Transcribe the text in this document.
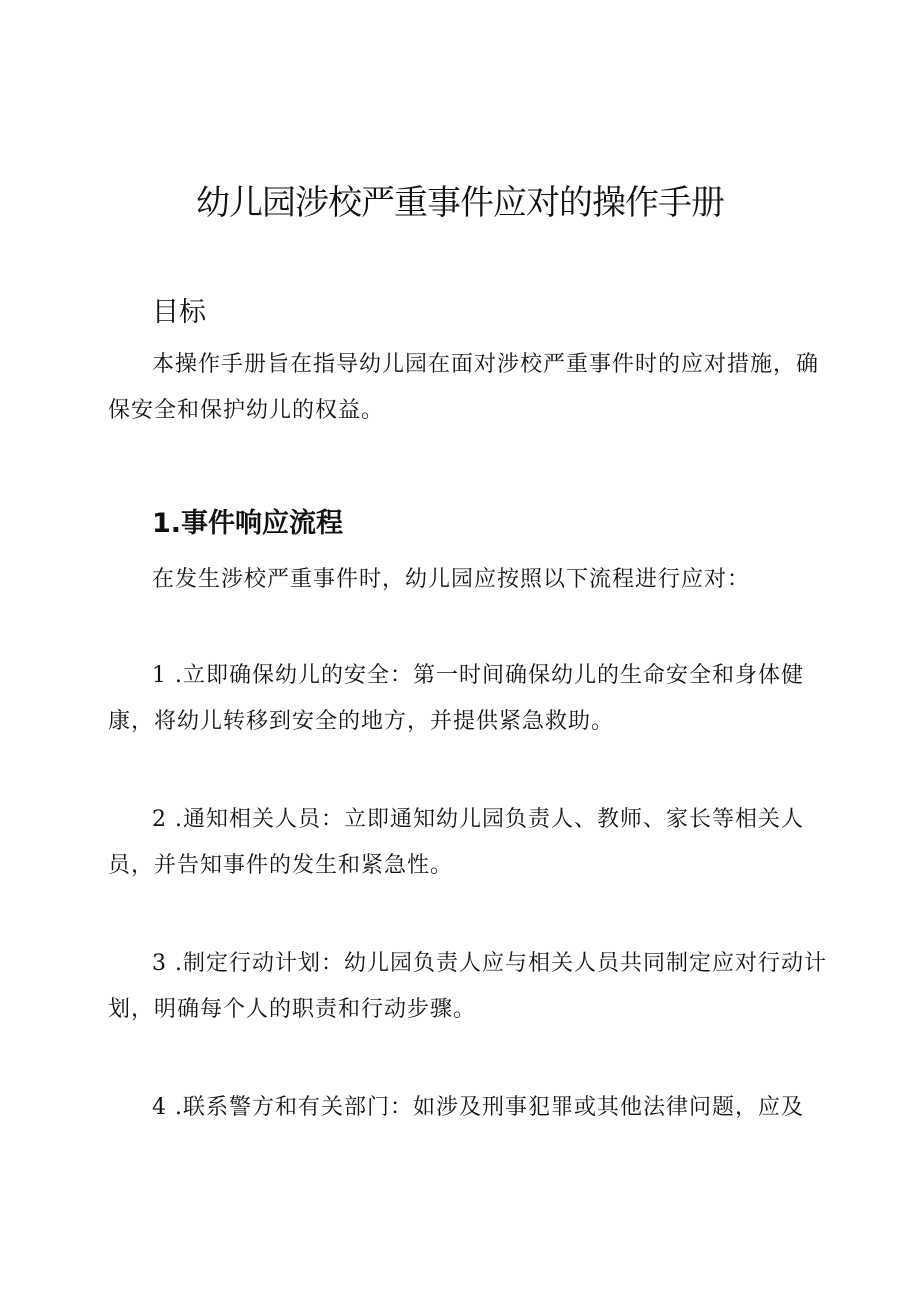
幼儿园涉校严重事件应对的操作手册
目标

本操作手册旨在指导幼儿园在面对涉校严重事件时的应对措施，确保安全和保护幼儿的权益。

1.事件响应流程

在发生涉校严重事件时，幼儿园应按照以下流程进行应对：

1 .立即确保幼儿的安全：第一时间确保幼儿的生命安全和身体健康，将幼儿转移到安全的地方，并提供紧急救助。

2 .通知相关人员：立即通知幼儿园负责人、教师、家长等相关人员，并告知事件的发生和紧急性。

3 .制定行动计划：幼儿园负责人应与相关人员共同制定应对行动计划，明确每个人的职责和行动步骤。

4 .联系警方和有关部门：如涉及刑事犯罪或其他法律问题，应及
